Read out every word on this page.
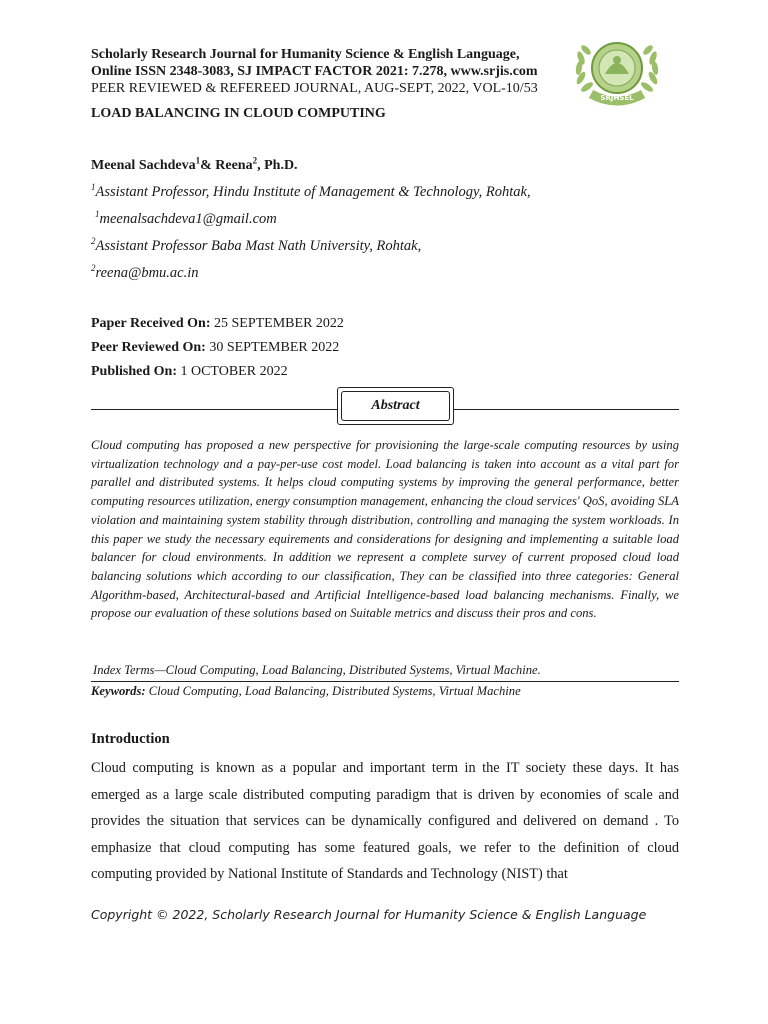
Scholarly Research Journal for Humanity Science & English Language,
Online ISSN 2348-3083, SJ IMPACT FACTOR 2021: 7.278, www.srjis.com
PEER REVIEWED & REFEREED JOURNAL, AUG-SEPT, 2022, VOL-10/53
SRJHSEL
LOAD BALANCING IN CLOUD COMPUTING
Meenal Sachdeva$^1$& Reena$^2$, Ph.D.
$^1$Assistant Professor, Hindu Institute of Management & Technology, Rohtak,
$^1$meenalsachdeva1@gmail.com
$^2$Assistant Professor Baba Mast Nath University, Rohtak,
$^2$reena@bmu.ac.in
Paper Received On: 25 SEPTEMBER 2022
Peer Reviewed On: 30 SEPTEMBER 2022
Published On: 1 OCTOBER 2022
Abstract

Cloud computing has proposed a new perspective for provisioning the large-scale computing resources by using virtualization technology and a pay-per-use cost model. Load balancing is taken into account as a vital part for parallel and distributed systems. It helps cloud computing systems by improving the general performance, better computing resources utilization, energy consumption management, enhancing the cloud services' QoS, avoiding SLA violation and maintaining system stability through distribution, controlling and managing the system workloads. In this paper we study the necessary equirements and considerations for designing and implementing a suitable load balancer for cloud environments. In addition we represent a complete survey of current proposed cloud load balancing solutions which according to our classification, They can be classified into three categories: General Algorithm-based, Architectural-based and Artificial Intelligence-based load balancing mechanisms. Finally, we propose our evaluation of these solutions based on Suitable metrics and discuss their pros and cons.

Index Terms—Cloud Computing, Load Balancing, Distributed Systems, Virtual Machine.
Keywords: Cloud Computing, Load Balancing, Distributed Systems, Virtual Machine
Introduction

Cloud computing is known as a popular and important term in the IT society these days. It has emerged as a large scale distributed computing paradigm that is driven by economies of scale and provides the situation that services can be dynamically configured and delivered on demand . To emphasize that cloud computing has some featured goals, we refer to the definition of cloud computing provided by National Institute of Standards and Technology (NIST) that

Copyright © 2022, Scholarly Research Journal for Humanity Science & English Language
